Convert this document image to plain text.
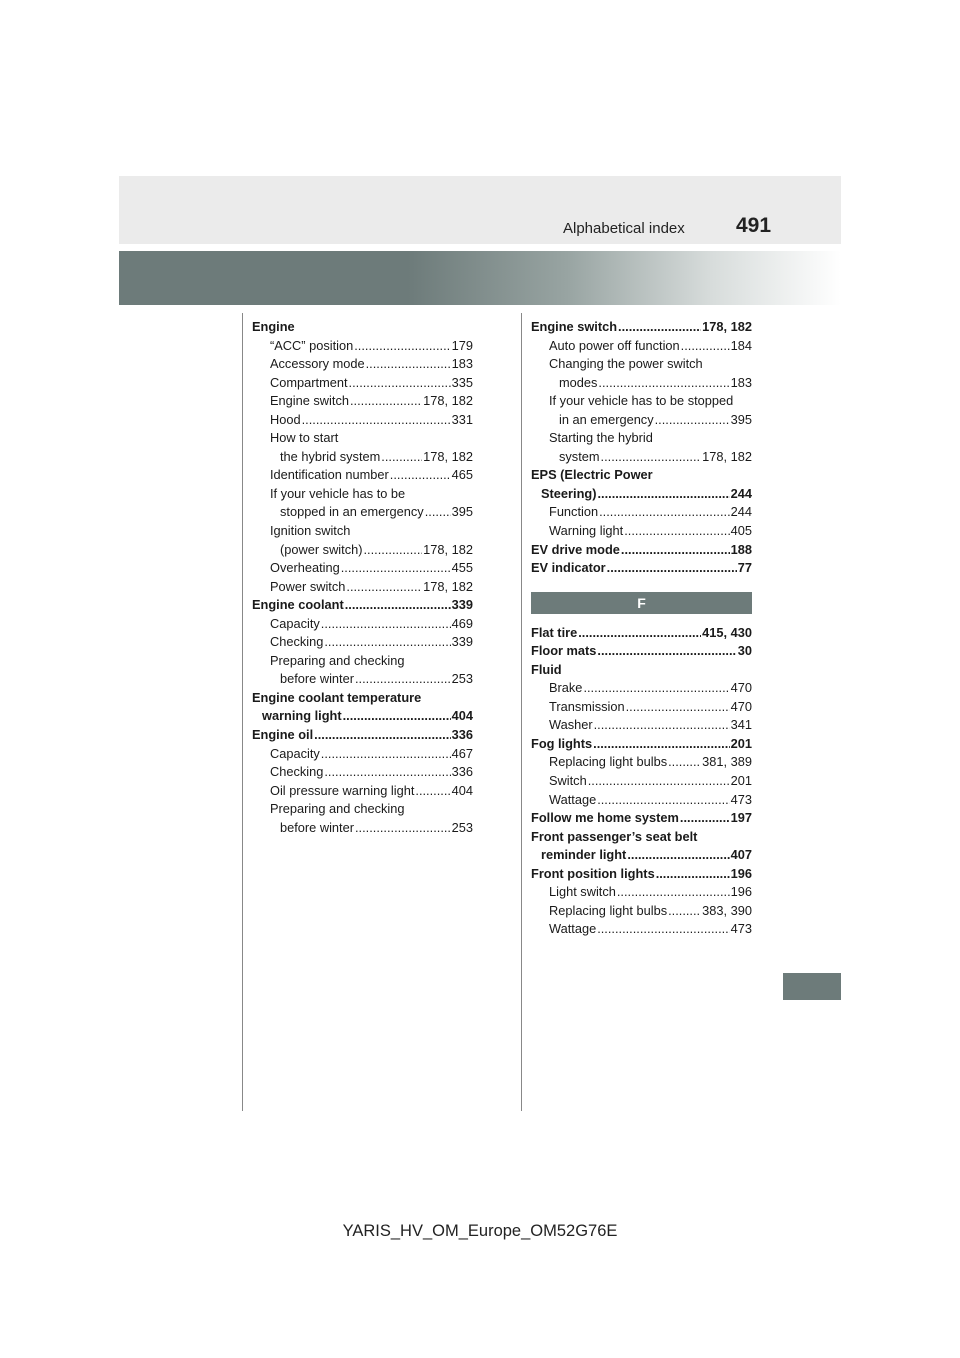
Alphabetical index 491
Engine
“ACC” position .....	179
Accessory mode .....	183
Compartment .....	335
Engine switch .....	178, 182
Hood .....	331
How to start
the hybrid system .....	178, 182
Identification number .....	465
If your vehicle has to be
stopped in an emergency ..... 395
Ignition switch
(power switch) .....	178, 182
Overheating .....	455
Power switch .....	178, 182
Engine coolant .....	339
Capacity .....	469
Checking .....	339
Preparing and checking
before winter .....	253
Engine coolant temperature
warning light .....	404
Engine oil .....	336
Capacity .....	467
Checking .....	336
Oil pressure warning light .....	404
Preparing and checking
before winter .....	253
Engine switch .....	178, 182
Auto power off function .....	184
Changing the power switch
modes .....	183
If your vehicle has to be stopped
in an emergency .....	395
Starting the hybrid
system .....	178, 182
EPS (Electric Power
Steering) .....	244
Function .....	244
Warning light .....	405
EV drive mode .....	188
EV indicator .....	77
F
Flat tire .....	415, 430
Floor mats .....	30
Fluid
Brake .....	470
Transmission .....	470
Washer .....	341
Fog lights .....	201
Replacing light bulbs .....	381, 389
Switch .....	201
Wattage .....	473
Follow me home system .....	197
Front passenger’s seat belt
reminder light .....	407
Front position lights .....	196
Light switch .....	196
Replacing light bulbs .....	383, 390
Wattage .....	473
YARIS_HV_OM_Europe_OM52G76E
